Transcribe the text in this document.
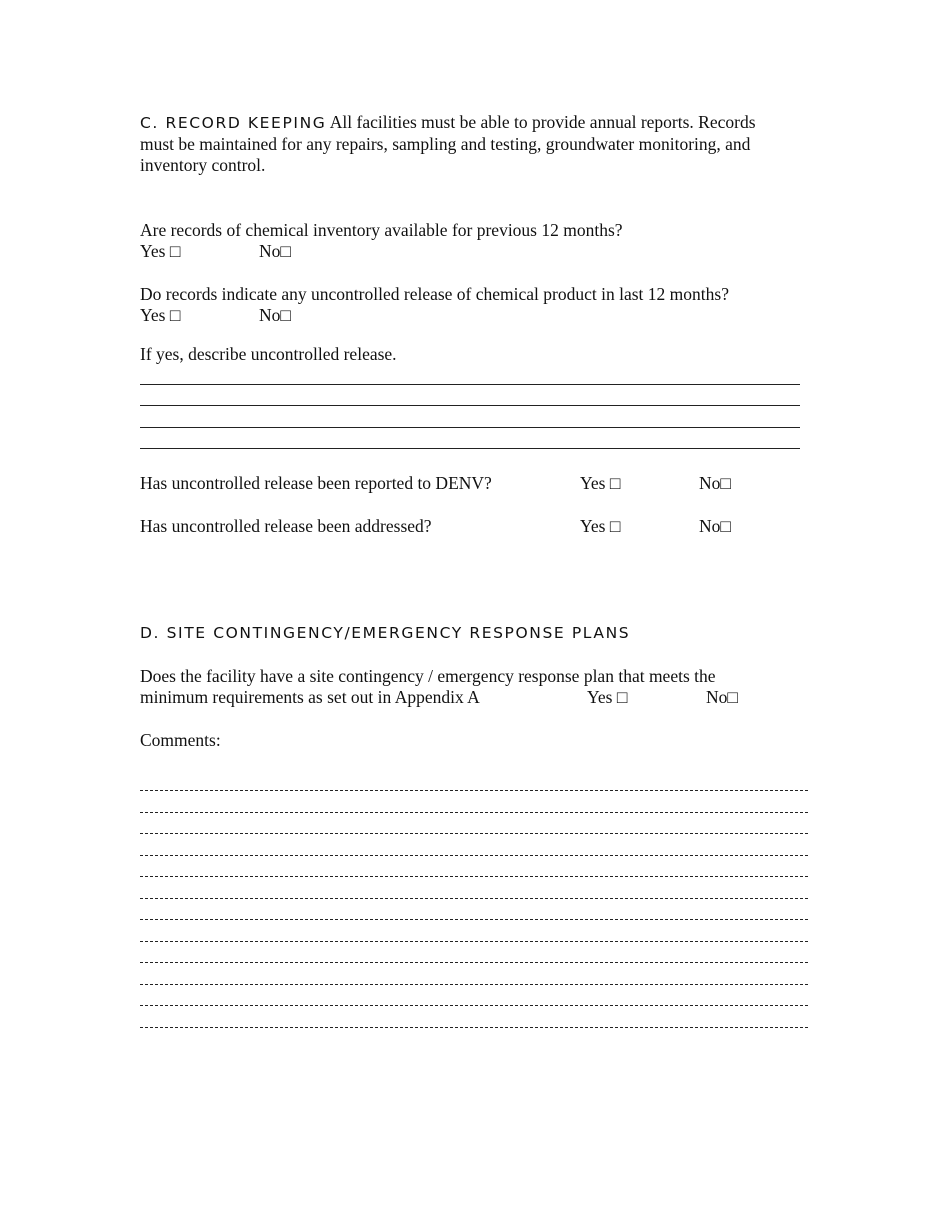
C. RECORD KEEPING All facilities must be able to provide annual reports. Records
must be maintained for any repairs, sampling and testing, groundwater monitoring, and
inventory control.
Are records of chemical inventory available for previous 12 months?
Yes □	No□
Do records indicate any uncontrolled release of chemical product in last 12 months?
Yes □	No□
If yes, describe uncontrolled release.
Has uncontrolled release been reported to DENV?	Yes □	No□
Has uncontrolled release been addressed?	Yes □	No□
D. SITE CONTINGENCY/EMERGENCY RESPONSE PLANS
Does the facility have a site contingency / emergency response plan that meets the
minimum requirements as set out in Appendix A	Yes □	No□
Comments:
